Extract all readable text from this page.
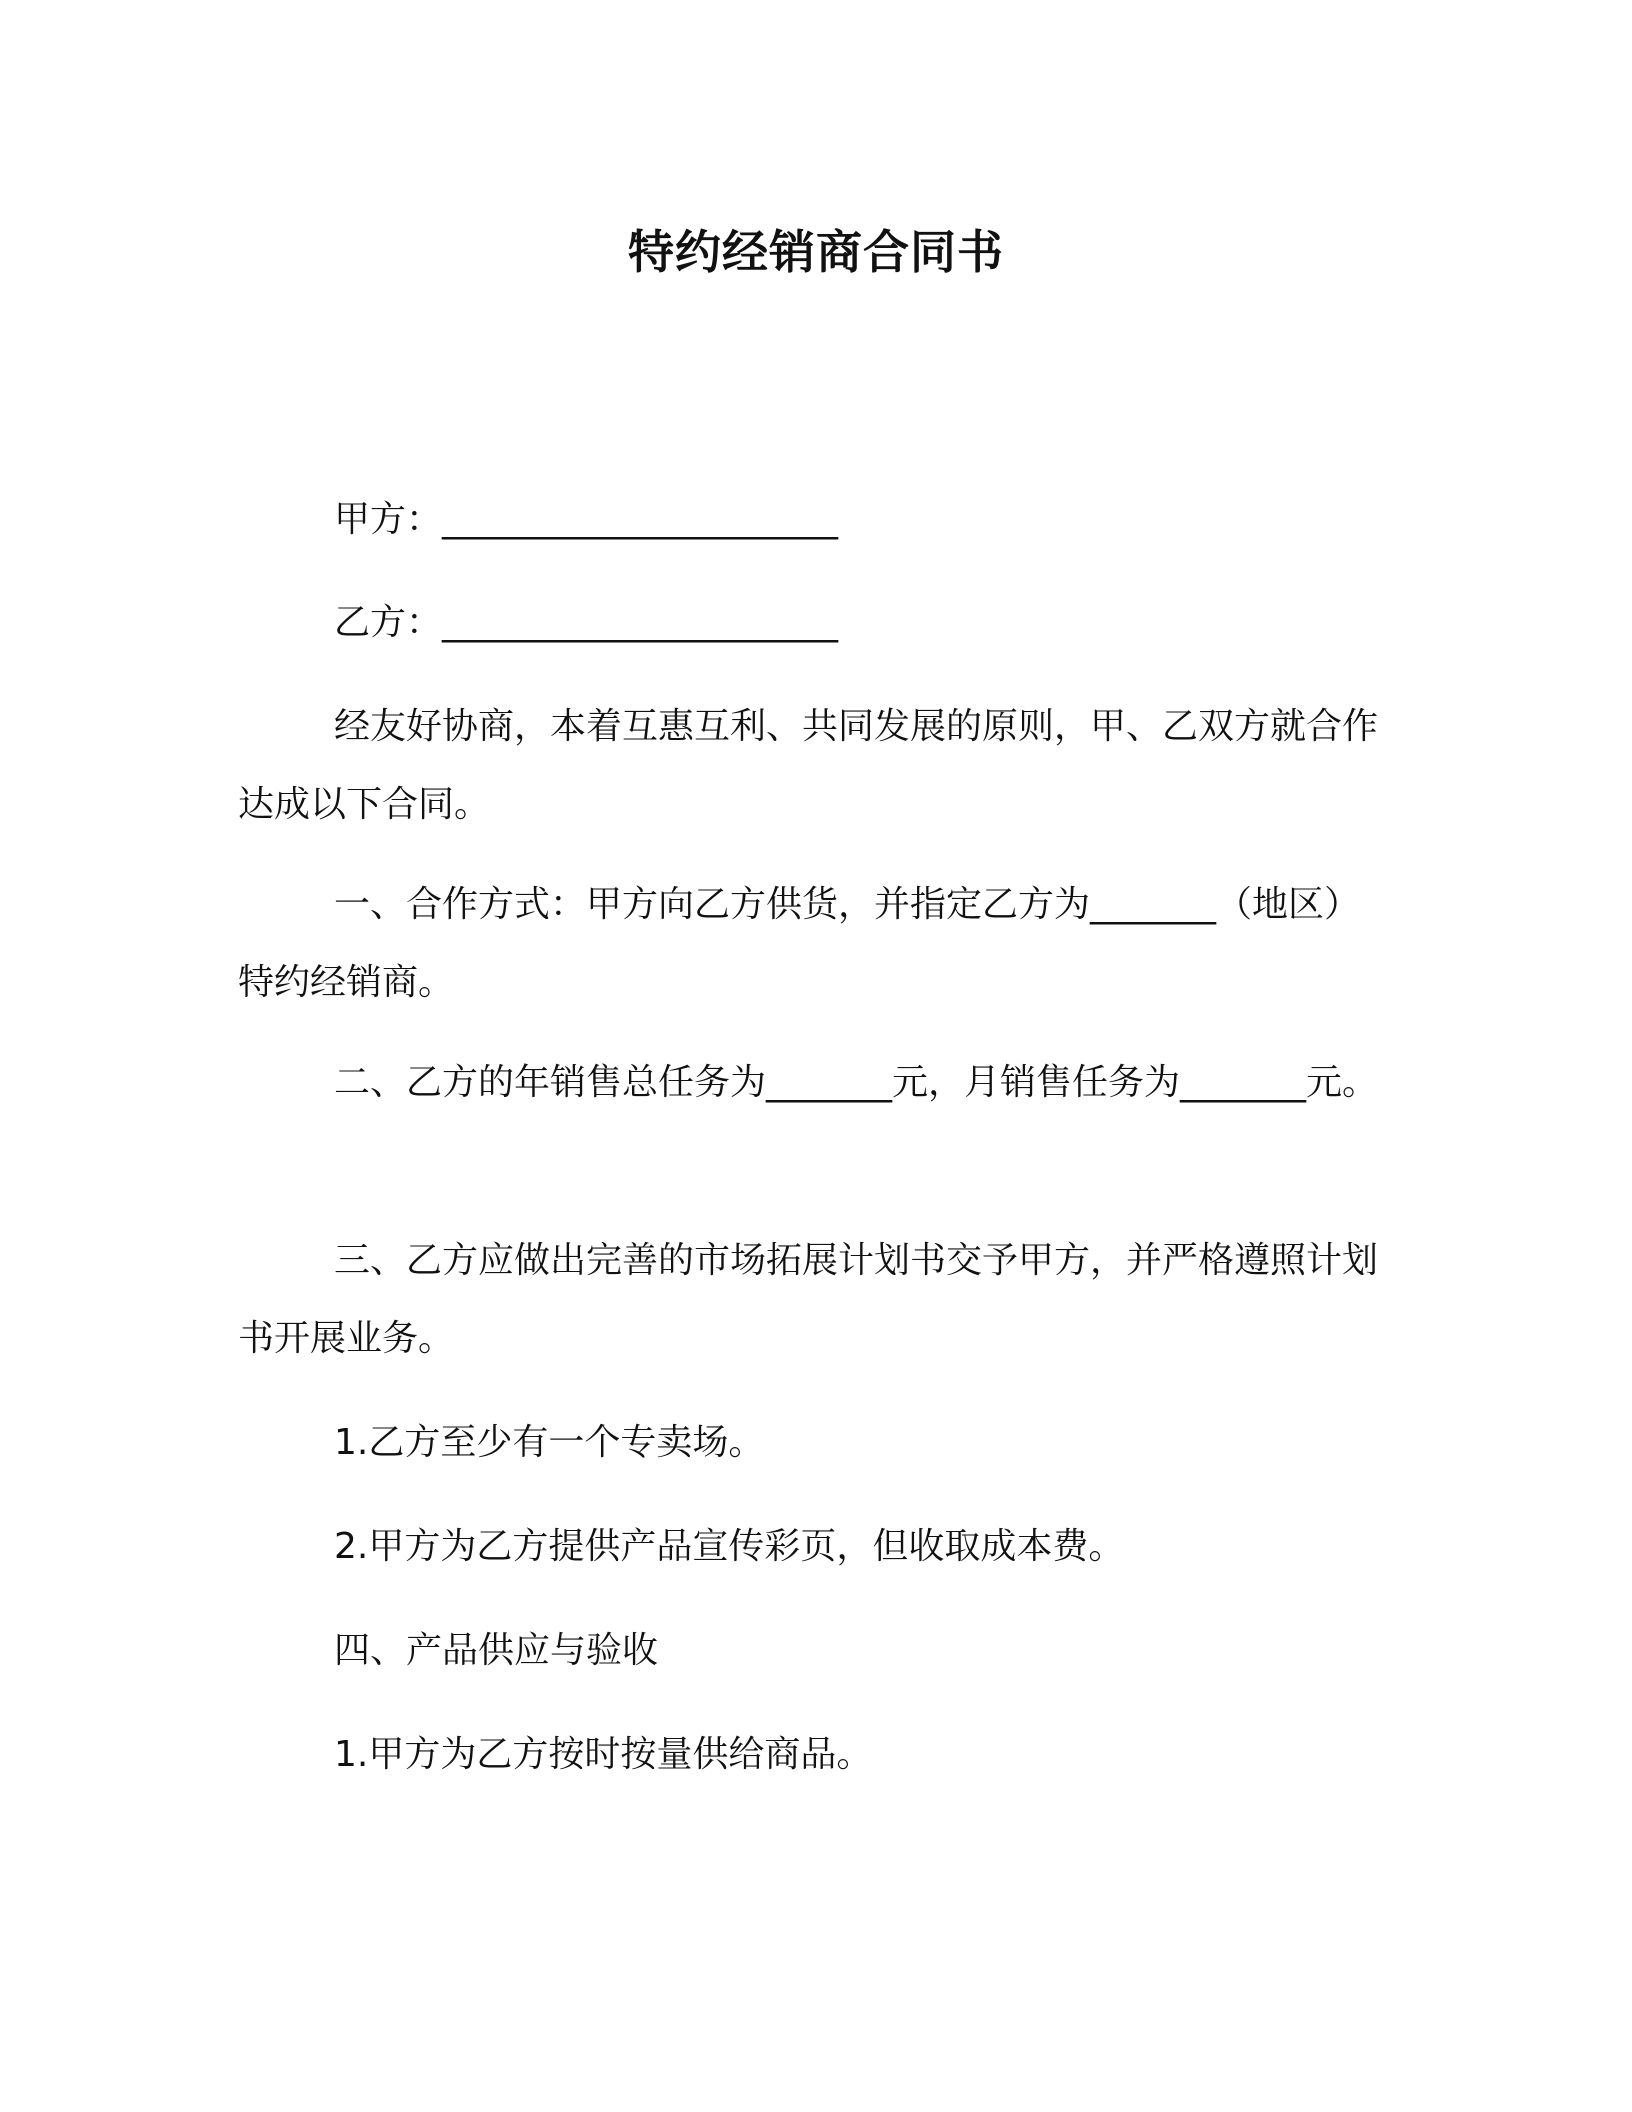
特约经销商合同书
甲方：______________________
乙方：______________________
经友好协商，本着互惠互利、共同发展的原则，甲、乙双方就合作达成以下合同。
一、合作方式：甲方向乙方供货，并指定乙方为_______（地区）特约经销商。
二、乙方的年销售总任务为_______元，月销售任务为_______元。
三、乙方应做出完善的市场拓展计划书交予甲方，并严格遵照计划书开展业务。
1.乙方至少有一个专卖场。
2.甲方为乙方提供产品宣传彩页，但收取成本费。
四、产品供应与验收
1.甲方为乙方按时按量供给商品。
